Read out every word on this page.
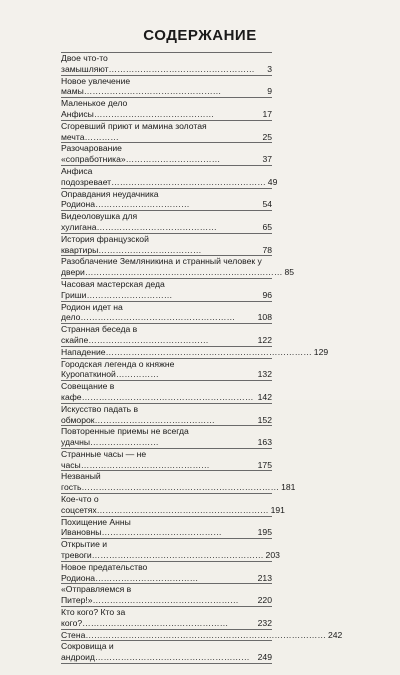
СОДЕРЖАНИЕ
Двое что-то замышляют……………………………………………	3
Новое увлечение мамы…………………………………………	9
Маленькое дело Анфисы……………………………………	17
Сгоревший приют и мамина золотая мечта…………	25
Разочарование «сопработника»……………………………	37
Анфиса подозревает……………………………………………… 49
Оправдания неудачника Родиона……………………………	54
Видеоловушка для хулигана……………………………………	65
История французской квартиры………………………………	78
Разоблачение Земляникина и странный человек у двери…………………………………………………………… 85
Часовая мастерская деда Гриши…………………………	96
Родион идет на дело………………………………………………	108
Странная беседа в скайпе……………………………………	122
Нападение……………………………………………………………… 129
Городская легенда о княжне Куропаткиной……………	132
Совещание в кафе…………………………………………………… 142
Искусство падать в обморок……………………………………	152
Повторенные приемы не всегда удачны……………………	163
Странные часы — не часы………………………………………	175
Незваный гость…………………………………………………………… 181
Кое-что о соцсетях…………………………………………………… 191
Похищение Анны Ивановны……………………………………	195
Открытие и тревоги…………………………………………………… 203
Новое предательство Родиона………………………………	213
«Отправляемся в Питер!»……………………………………………	220
Кто кого? Кто за кого?……………………………………………	232
Стена………………………………………………………………………… 242
Сокровища и андроид……………………………………………… 249
